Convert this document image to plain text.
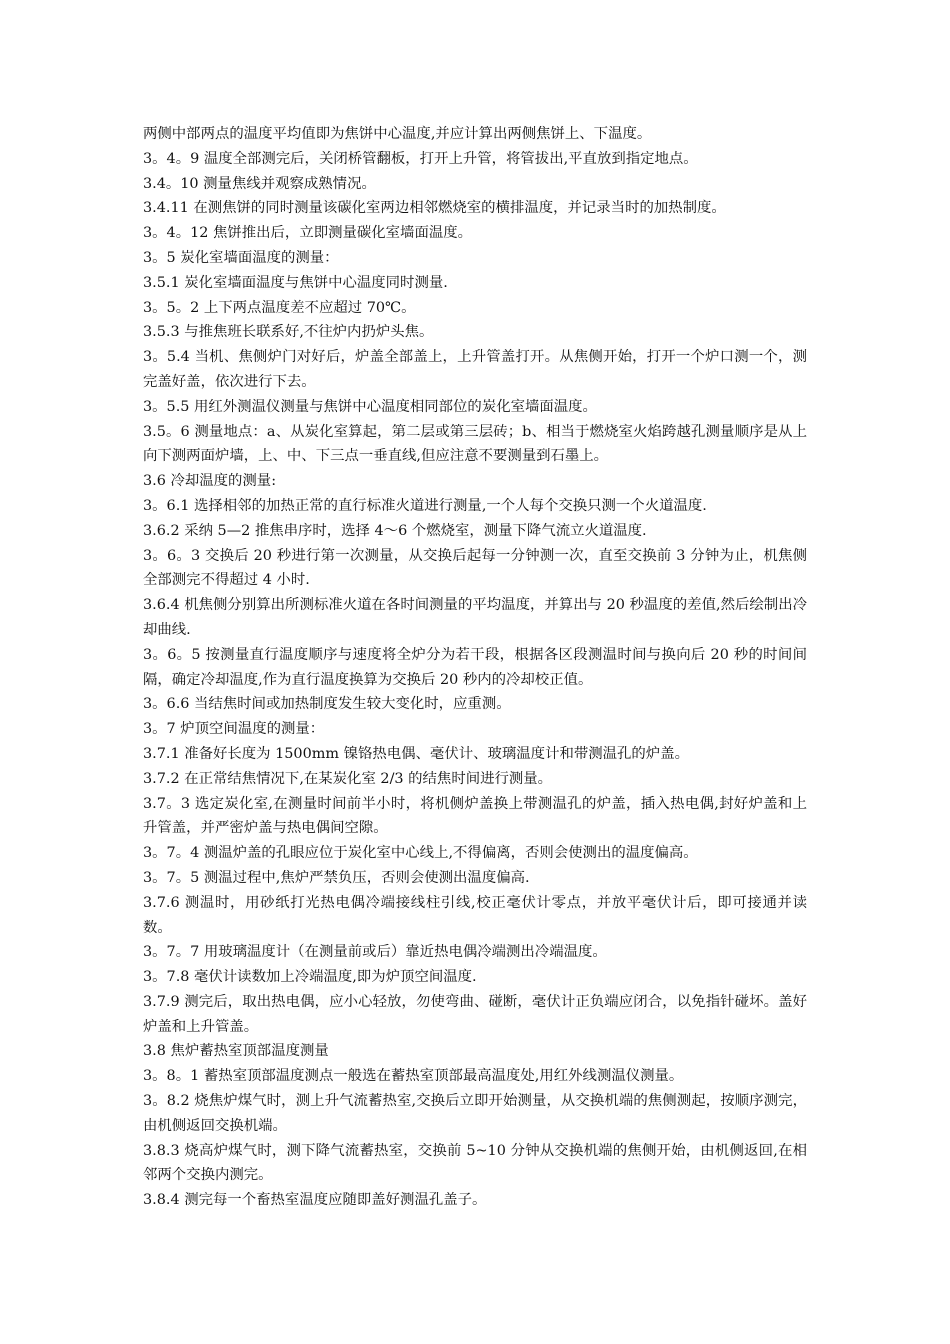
两侧中部两点的温度平均值即为焦饼中心温度,并应计算出两侧焦饼上、下温度。

3。4。9 温度全部测完后，关闭桥管翻板，打开上升管，将管拔出,平直放到指定地点。

3.4。10 测量焦线并观察成熟情况。

3.4.11 在测焦饼的同时测量该碳化室两边相邻燃烧室的横排温度，并记录当时的加热制度。

3。4。12 焦饼推出后，立即测量碳化室墙面温度。

3。5 炭化室墙面温度的测量：

3.5.1 炭化室墙面温度与焦饼中心温度同时测量.

3。5。2 上下两点温度差不应超过 70℃。

3.5.3 与推焦班长联系好,不往炉内扔炉头焦。

3。5.4 当机、焦侧炉门对好后，炉盖全部盖上，上升管盖打开。从焦侧开始，打开一个炉口测一个，测完盖好盖，依次进行下去。

3。5.5 用红外测温仪测量与焦饼中心温度相同部位的炭化室墙面温度。

3.5。6 测量地点：a、从炭化室算起，第二层或第三层砖；b、相当于燃烧室火焰跨越孔测量顺序是从上向下测两面炉墙，上、中、下三点一垂直线,但应注意不要测量到石墨上。

3.6 冷却温度的测量:

3。6.1 选择相邻的加热正常的直行标准火道进行测量,一个人每个交换只测一个火道温度.

3.6.2 采纳 5—2 推焦串序时，选择 4～6 个燃烧室，测量下降气流立火道温度.

3。6。3 交换后 20 秒进行第一次测量，从交换后起每一分钟测一次，直至交换前 3 分钟为止，机焦侧全部测完不得超过 4 小时.

3.6.4 机焦侧分别算出所测标准火道在各时间测量的平均温度，并算出与 20 秒温度的差值,然后绘制出冷却曲线.

3。6。5 按测量直行温度顺序与速度将全炉分为若干段，根据各区段测温时间与换向后 20 秒的时间间隔，确定冷却温度,作为直行温度换算为交换后 20 秒内的冷却校正值。

3。6.6 当结焦时间或加热制度发生较大变化时，应重测。

3。7 炉顶空间温度的测量：

3.7.1 准备好长度为 1500mm 镍铬热电偶、毫伏计、玻璃温度计和带测温孔的炉盖。

3.7.2 在正常结焦情况下,在某炭化室 2/3 的结焦时间进行测量。

3.7。3 选定炭化室,在测量时间前半小时，将机侧炉盖换上带测温孔的炉盖，插入热电偶,封好炉盖和上升管盖，并严密炉盖与热电偶间空隙。

3。7。4 测温炉盖的孔眼应位于炭化室中心线上,不得偏离，否则会使测出的温度偏高。

3。7。5 测温过程中,焦炉严禁负压，否则会使测出温度偏高.

3.7.6 测温时，用砂纸打光热电偶冷端接线柱引线,校正毫伏计零点，并放平毫伏计后，即可接通并读数。

3。7。7 用玻璃温度计（在测量前或后）靠近热电偶冷端测出冷端温度。

3。7.8 毫伏计读数加上冷端温度,即为炉顶空间温度.

3.7.9 测完后，取出热电偶，应小心轻放，勿使弯曲、碰断，毫伏计正负端应闭合，以免指针碰坏。盖好炉盖和上升管盖。

3.8 焦炉蓄热室顶部温度测量

3。8。1 蓄热室顶部温度测点一般选在蓄热室顶部最高温度处,用红外线测温仪测量。

3。8.2 烧焦炉煤气时，测上升气流蓄热室,交换后立即开始测量，从交换机端的焦侧测起，按顺序测完，由机侧返回交换机端。

3.8.3 烧高炉煤气时，测下降气流蓄热室，交换前 5~10 分钟从交换机端的焦侧开始，由机侧返回,在相邻两个交换内测完。

3.8.4 测完每一个畜热室温度应随即盖好测温孔盖子。
